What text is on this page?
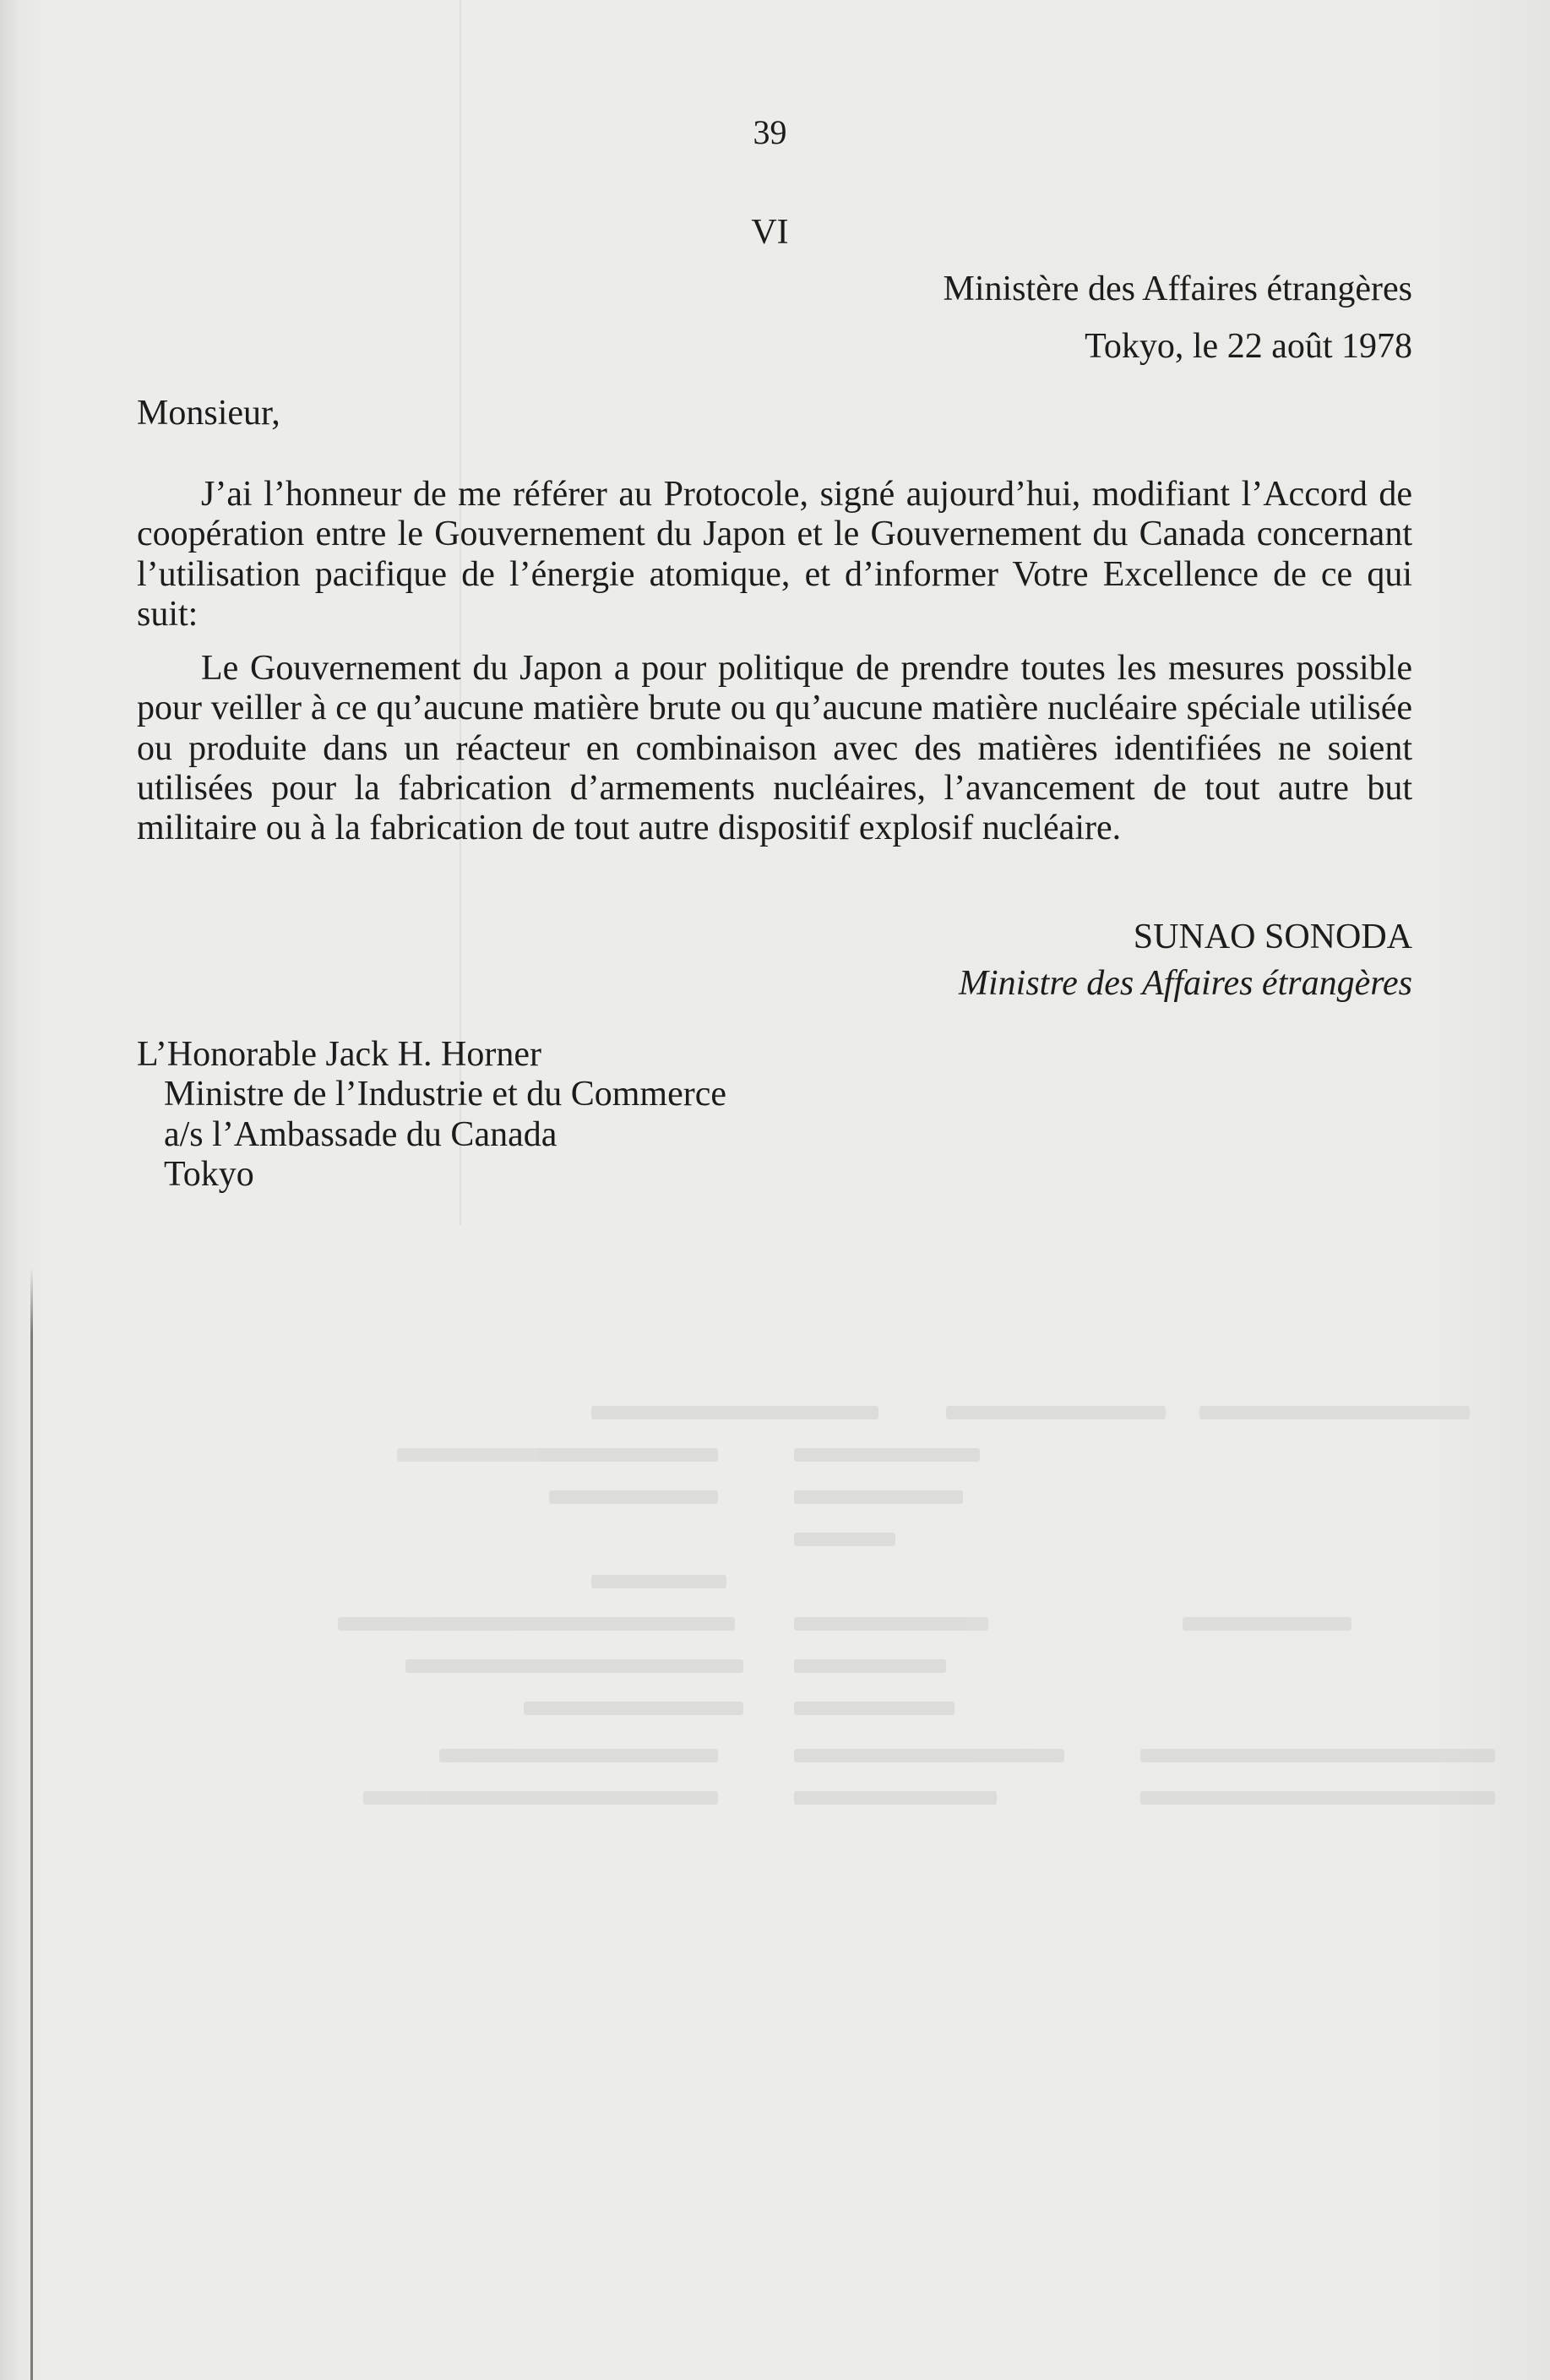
39
VI
Ministère des Affaires étrangères
Tokyo, le 22 août 1978
Monsieur,
J’ai l’honneur de me référer au Protocole, signé aujourd’hui, modifiant l’Accord de coopération entre le Gouvernement du Japon et le Gouvernement du Canada concernant l’utilisation pacifique de l’énergie atomique, et d’informer Votre Excellence de ce qui suit:
Le Gouvernement du Japon a pour politique de prendre toutes les mesures possible pour veiller à ce qu’aucune matière brute ou qu’aucune matière nucléaire spéciale utilisée ou produite dans un réacteur en combinaison avec des matières identifiées ne soient utilisées pour la fabrication d’armements nucléaires, l’avancement de tout autre but militaire ou à la fabrication de tout autre dispositif explosif nucléaire.
SUNAO SONODA
Ministre des Affaires étrangères
L’Honorable Jack H. Horner
Ministre de l’Industrie et du Commerce
a/s l’Ambassade du Canada
Tokyo
